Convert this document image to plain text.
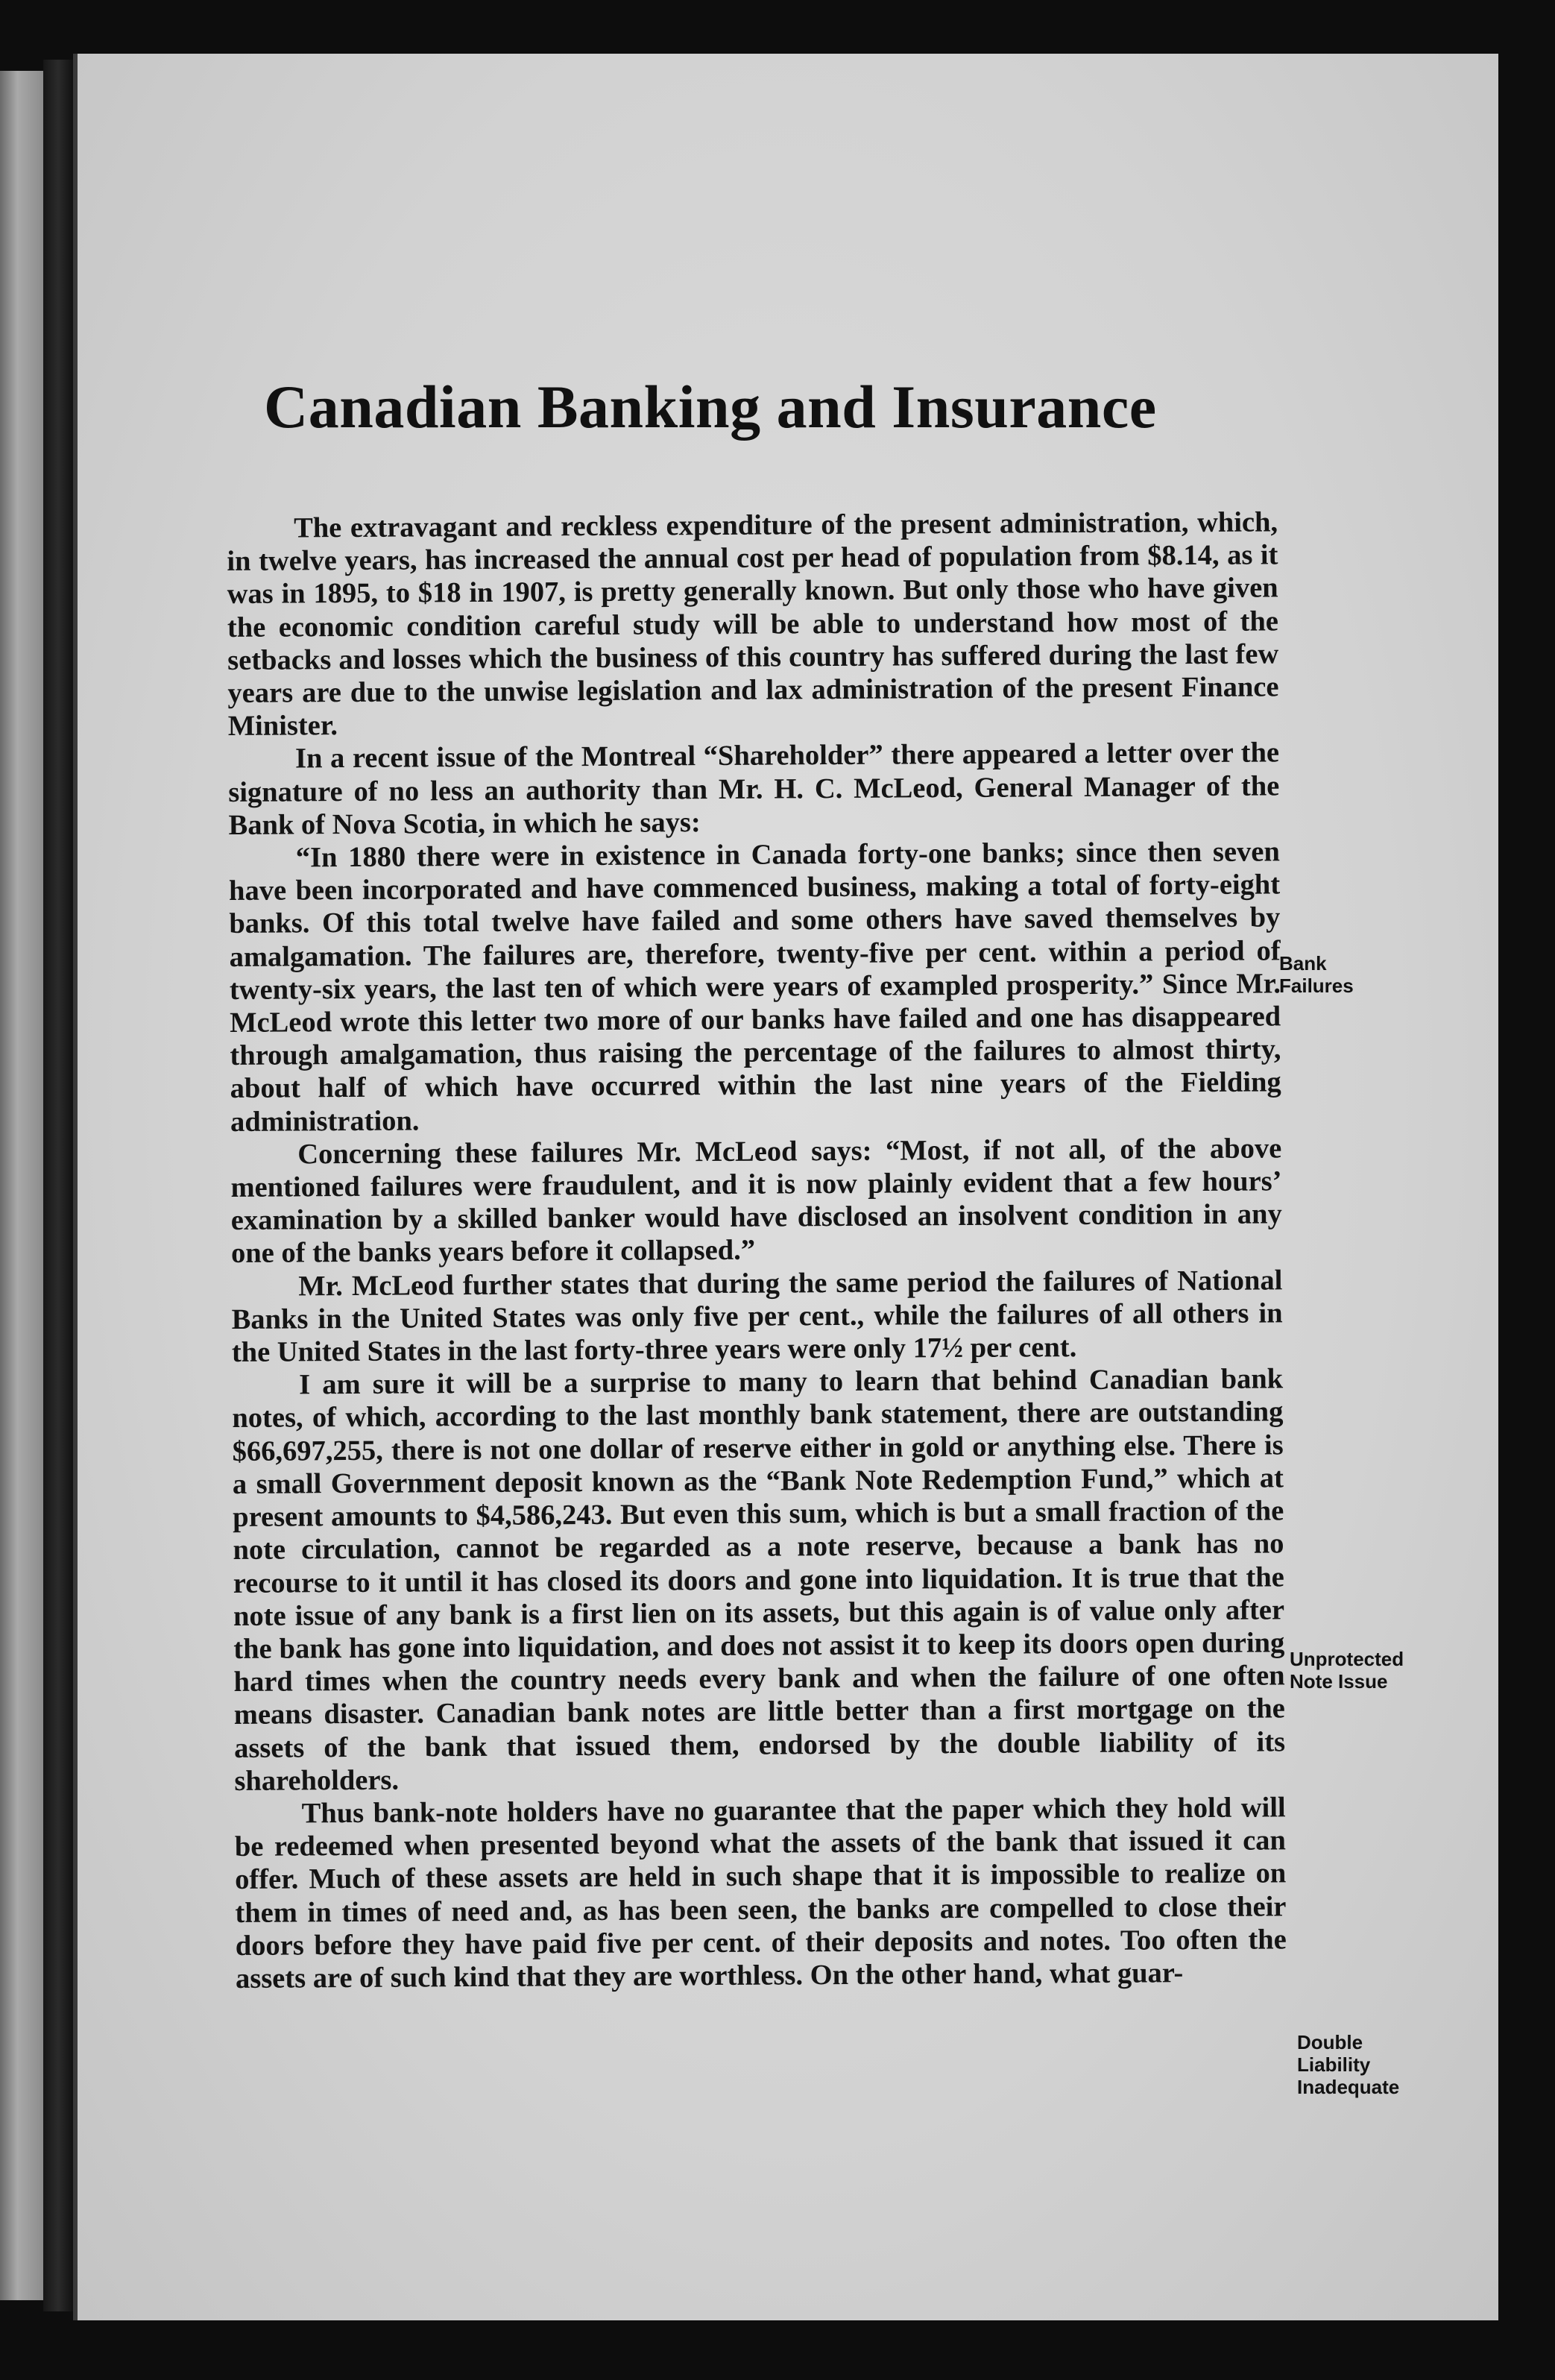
Canadian Banking and Insurance

The extravagant and reckless expenditure of the present administration, which, in twelve years, has increased the annual cost per head of population from $8.14, as it was in 1895, to $18 in 1907, is pretty generally known. But only those who have given the economic condition careful study will be able to understand how most of the setbacks and losses which the business of this country has suffered during the last few years are due to the unwise legislation and lax administration of the present Finance Minister.

In a recent issue of the Montreal “Shareholder” there appeared a letter over the signature of no less an authority than Mr. H. C. McLeod, General Manager of the Bank of Nova Scotia, in which he says:

“In 1880 there were in existence in Canada forty-one banks; since then seven have been incorporated and have commenced business, making a total of forty-eight banks. Of this total twelve have failed and some others have saved themselves by amalgamation. The failures are, therefore, twenty-five per cent. within a period of twenty-six years, the last ten of which were years of exampled prosperity.” Since Mr. McLeod wrote this letter two more of our banks have failed and one has disappeared through amalgamation, thus raising the percentage of the failures to almost thirty, about half of which have occurred within the last nine years of the Fielding administration.

Concerning these failures Mr. McLeod says: “Most, if not all, of the above mentioned failures were fraudulent, and it is now plainly evident that a few hours’ examination by a skilled banker would have disclosed an insolvent condition in any one of the banks years before it collapsed.”

Mr. McLeod further states that during the same period the failures of National Banks in the United States was only five per cent., while the failures of all others in the United States in the last forty-three years were only 17½ per cent.

I am sure it will be a surprise to many to learn that behind Canadian bank notes, of which, according to the last monthly bank statement, there are outstanding $66,697,255, there is not one dollar of reserve either in gold or anything else. There is a small Government deposit known as the “Bank Note Redemption Fund,” which at present amounts to $4,586,243. But even this sum, which is but a small fraction of the note circulation, cannot be regarded as a note reserve, because a bank has no recourse to it until it has closed its doors and gone into liquidation. It is true that the note issue of any bank is a first lien on its assets, but this again is of value only after the bank has gone into liquidation, and does not assist it to keep its doors open during hard times when the country needs every bank and when the failure of one often means disaster. Canadian bank notes are little better than a first mortgage on the assets of the bank that issued them, endorsed by the double liability of its shareholders.

Thus bank-note holders have no guarantee that the paper which they hold will be redeemed when presented beyond what the assets of the bank that issued it can offer. Much of these assets are held in such shape that it is impossible to realize on them in times of need and, as has been seen, the banks are compelled to close their doors before they have paid five per cent. of their deposits and notes. Too often the assets are of such kind that they are worthless. On the other hand, what guar-

Bank
Failures
Unprotected
Note Issue
Double
Liability
Inadequate
